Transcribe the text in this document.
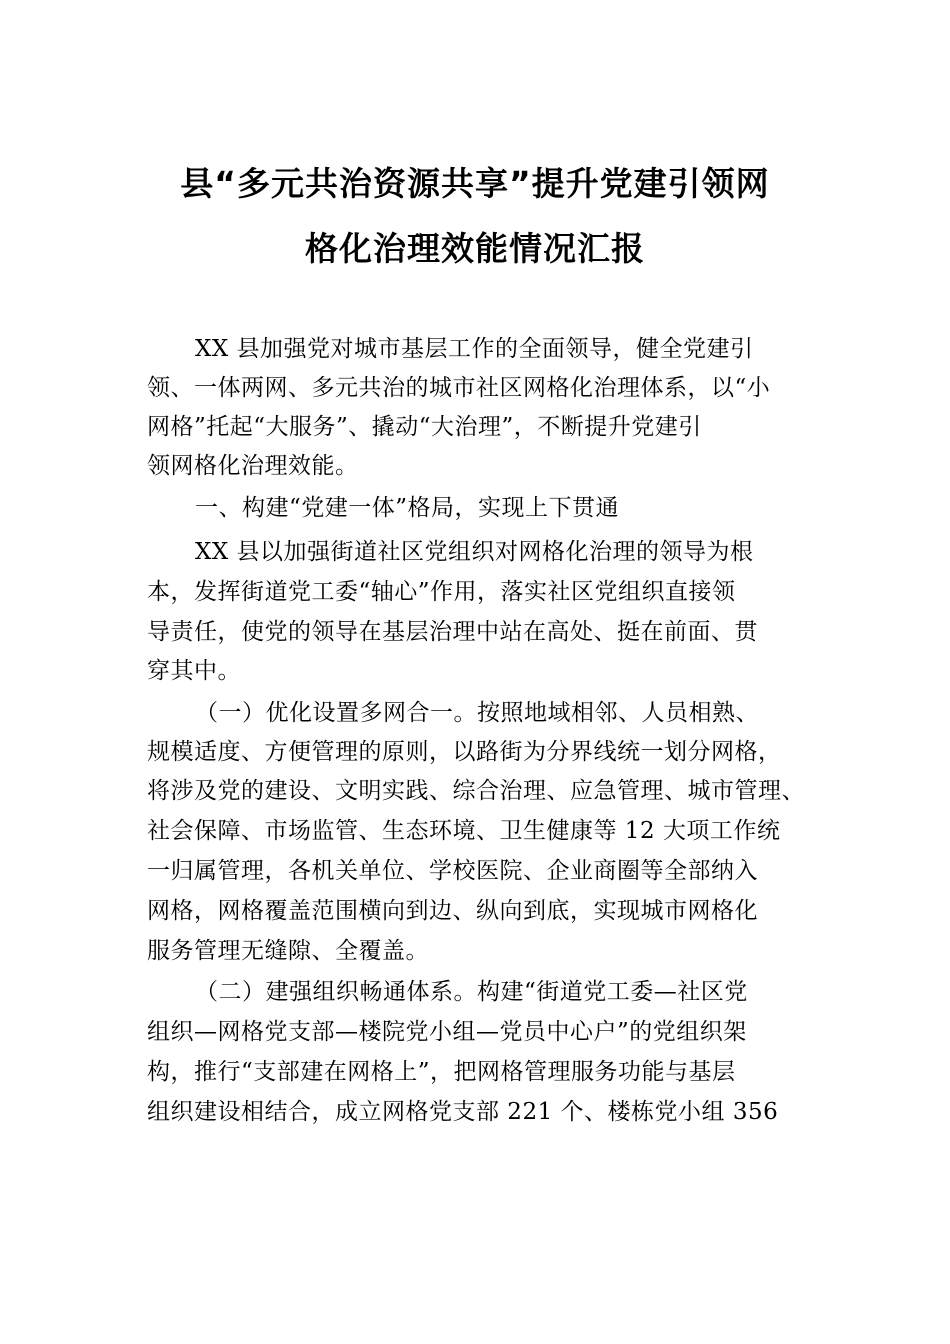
县“多元共治资源共享”提升党建引领网
格化治理效能情况汇报
XX 县加强党对城市基层工作的全面领导，健全党建引
领、一体两网、多元共治的城市社区网格化治理体系，以“小
网格”托起“大服务”、撬动“大治理”，不断提升党建引
领网格化治理效能。
一、构建“党建一体”格局，实现上下贯通
XX 县以加强街道社区党组织对网格化治理的领导为根
本，发挥街道党工委“轴心”作用，落实社区党组织直接领
导责任，使党的领导在基层治理中站在高处、挺在前面、贯
穿其中。
（一）优化设置多网合一。按照地域相邻、人员相熟、
规模适度、方便管理的原则，以路街为分界线统一划分网格，
将涉及党的建设、文明实践、综合治理、应急管理、城市管理、
社会保障、市场监管、生态环境、卫生健康等 12 大项工作统
一归属管理，各机关单位、学校医院、企业商圈等全部纳入
网格，网格覆盖范围横向到边、纵向到底，实现城市网格化
服务管理无缝隙、全覆盖。
（二）建强组织畅通体系。构建“街道党工委—社区党
组织—网格党支部—楼院党小组—党员中心户”的党组织架
构，推行“支部建在网格上”，把网格管理服务功能与基层
组织建设相结合，成立网格党支部 221 个、楼栋党小组 356
